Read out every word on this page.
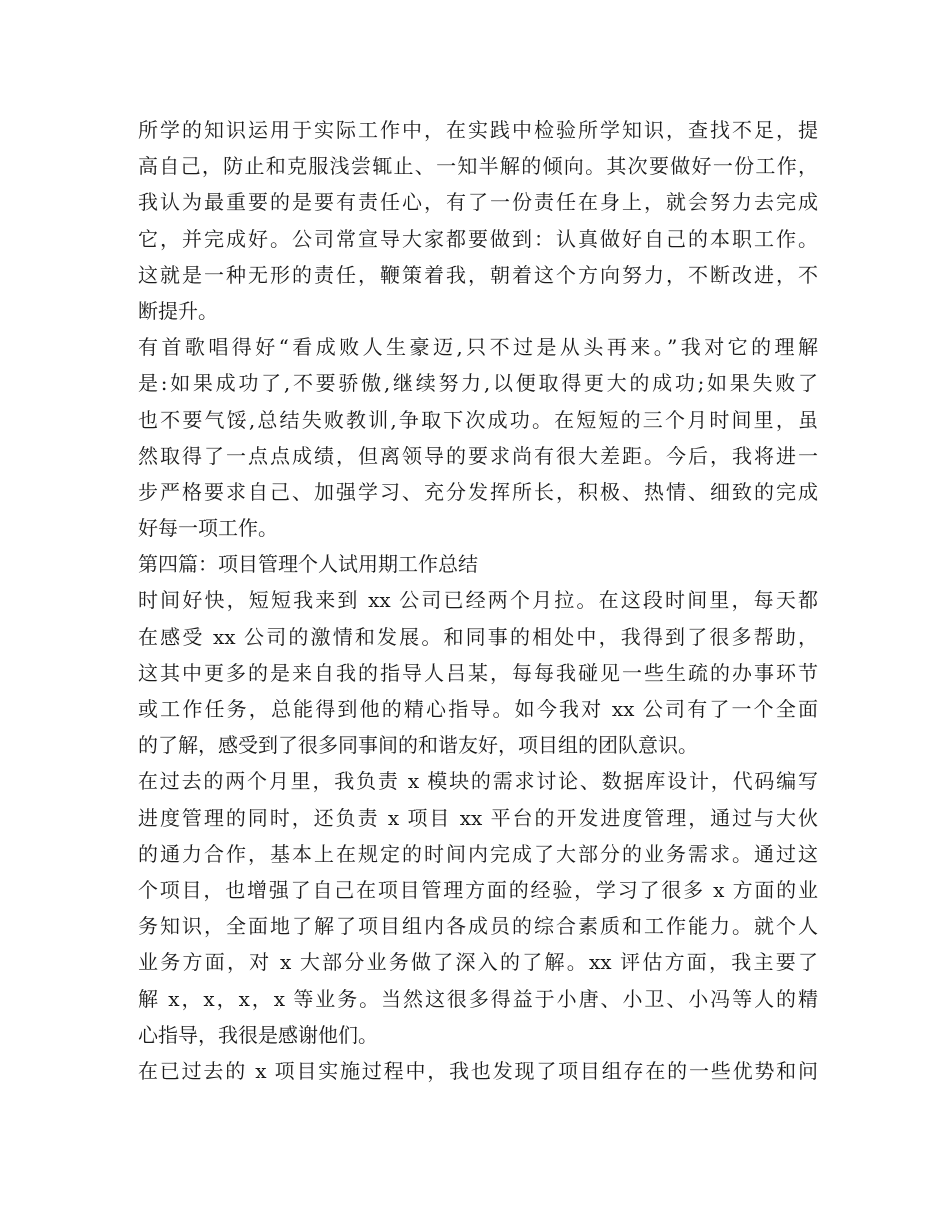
所学的知识运用于实际工作中，在实践中检验所学知识，查找不足，提
高自己，防止和克服浅尝辄止、一知半解的倾向。其次要做好一份工作，
我认为最重要的是要有责任心，有了一份责任在身上，就会努力去完成
它，并完成好。公司常宣导大家都要做到：认真做好自己的本职工作。
这就是一种无形的责任，鞭策着我，朝着这个方向努力，不断改进，不
断提升。
有首歌唱得好“看成败人生豪迈,只不过是从头再来。”我对它的理解
是:如果成功了,不要骄傲,继续努力,以便取得更大的成功;如果失败了
也不要气馁,总结失败教训,争取下次成功。在短短的三个月时间里，虽
然取得了一点点成绩，但离领导的要求尚有很大差距。今后，我将进一
步严格要求自己、加强学习、充分发挥所长，积极、热情、细致的完成
好每一项工作。
第四篇：项目管理个人试用期工作总结
时间好快，短短我来到 xx 公司已经两个月拉。在这段时间里，每天都
在感受 xx 公司的激情和发展。和同事的相处中，我得到了很多帮助，
这其中更多的是来自我的指导人吕某，每每我碰见一些生疏的办事环节
或工作任务，总能得到他的精心指导。如今我对 xx 公司有了一个全面
的了解，感受到了很多同事间的和谐友好，项目组的团队意识。
在过去的两个月里，我负责 x 模块的需求讨论、数据库设计，代码编写
进度管理的同时，还负责 x 项目 xx 平台的开发进度管理，通过与大伙
的通力合作，基本上在规定的时间内完成了大部分的业务需求。通过这
个项目，也增强了自己在项目管理方面的经验，学习了很多 x 方面的业
务知识，全面地了解了项目组内各成员的综合素质和工作能力。就个人
业务方面，对 x 大部分业务做了深入的了解。xx 评估方面，我主要了
解 x，x，x，x 等业务。当然这很多得益于小唐、小卫、小冯等人的精
心指导，我很是感谢他们。
在已过去的 x 项目实施过程中，我也发现了项目组存在的一些优势和问
